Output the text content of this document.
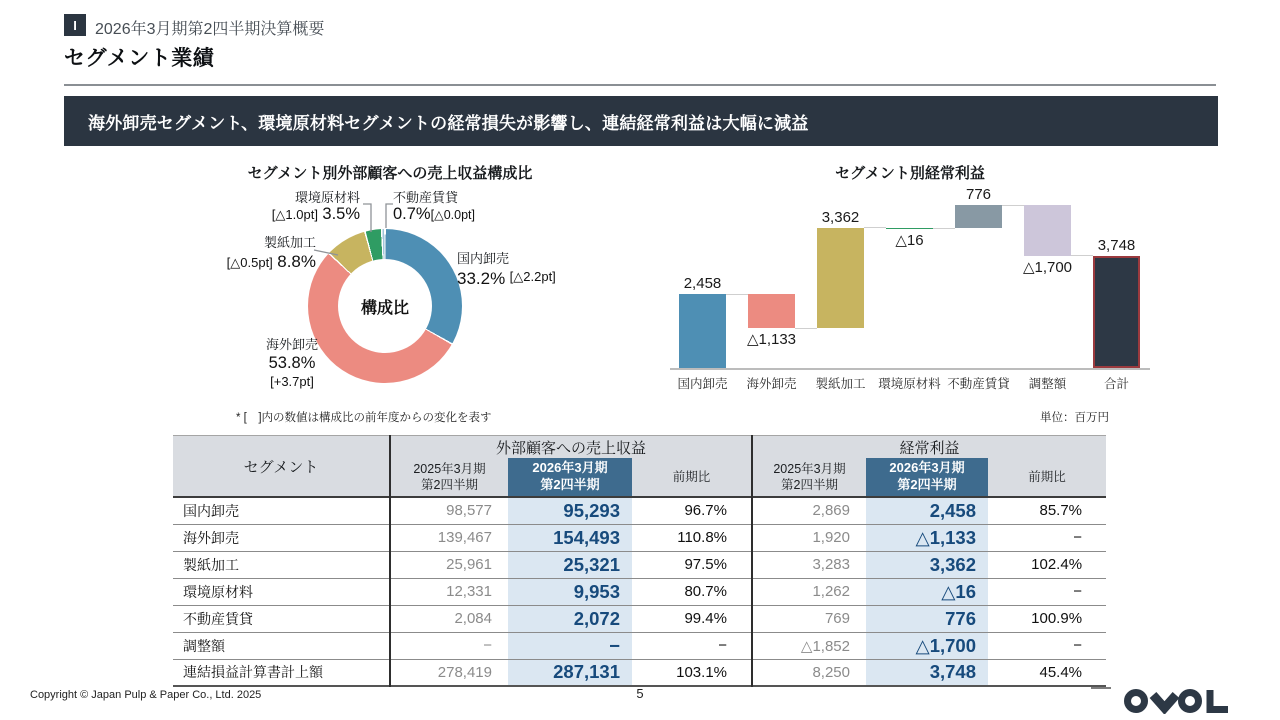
I	2026年3月期第2四半期決算概要
セグメント業績
海外卸売セグメント、環境原材料セグメントの経常損失が影響し、連結経常利益は大幅に減益
セグメント別外部顧客への売上収益構成比
構成比
環境原材料
[△1.0pt] 3.5%
不動産賃貸
0.7%[△0.0pt]
製紙加工
[△0.5pt] 8.8%	国内卸売
33.2% [△2.2pt]
海外卸売
53.8%
[+3.7pt]
* [　]内の数値は構成比の前年度からの変化を表す	単位：百万円
セグメント別経常利益
2,458
国内卸売
△1,133
海外卸売
3,362
製紙加工
△16
環境原材料
776
不動産賃貸
△1,700
調整額
3,748
合計
セグメント	外部顧客への売上収益			経常利益		
	2025年3月期
第2四半期	2026年3月期
第2四半期	前期比	2025年3月期
第2四半期	2026年3月期
第2四半期	前期比
国内卸売	98,577	95,293	96.7%	2,869	2,458	85.7%
海外卸売	139,467	154,493	110.8%	1,920	△1,133	−
製紙加工	25,961	25,321	97.5%	3,283	3,362	102.4%
環境原材料	12,331	9,953	80.7%	1,262	△16	−
不動産賃貸	2,084	2,072	99.4%	769	776	100.9%
調整額	−	−	−	△1,852	△1,700	−
連結損益計算書計上額	278,419	287,131	103.1%	8,250	3,748	45.4%
Copyright © Japan Pulp & Paper Co., Ltd. 2025	5
